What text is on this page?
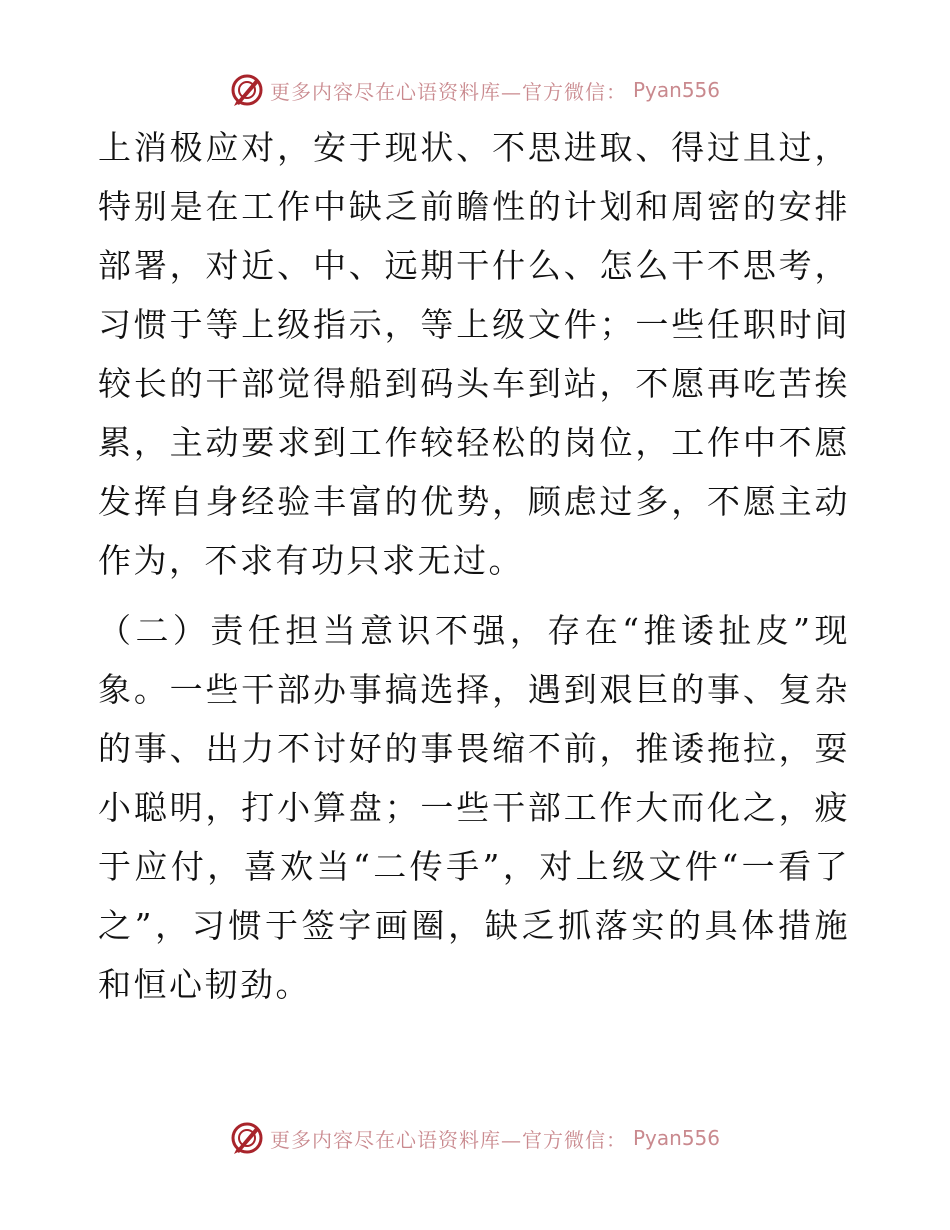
更多内容尽在心语资料库—官方微信： Pyan556

上消极应对，安于现状、不思进取、得过且过，特别是在工作中缺乏前瞻性的计划和周密的安排部署，对近、中、远期干什么、怎么干不思考，习惯于等上级指示，等上级文件；一些任职时间较长的干部觉得船到码头车到站，不愿再吃苦挨累，主动要求到工作较轻松的岗位，工作中不愿发挥自身经验丰富的优势，顾虑过多，不愿主动作为，不求有功只求无过。

（二）责任担当意识不强，存在“推诿扯皮”现象。一些干部办事搞选择，遇到艰巨的事、复杂的事、出力不讨好的事畏缩不前，推诿拖拉，耍小聪明，打小算盘；一些干部工作大而化之，疲于应付，喜欢当“二传手”，对上级文件“一看了之”，习惯于签字画圈，缺乏抓落实的具体措施和恒心韧劲。

更多内容尽在心语资料库—官方微信： Pyan556
